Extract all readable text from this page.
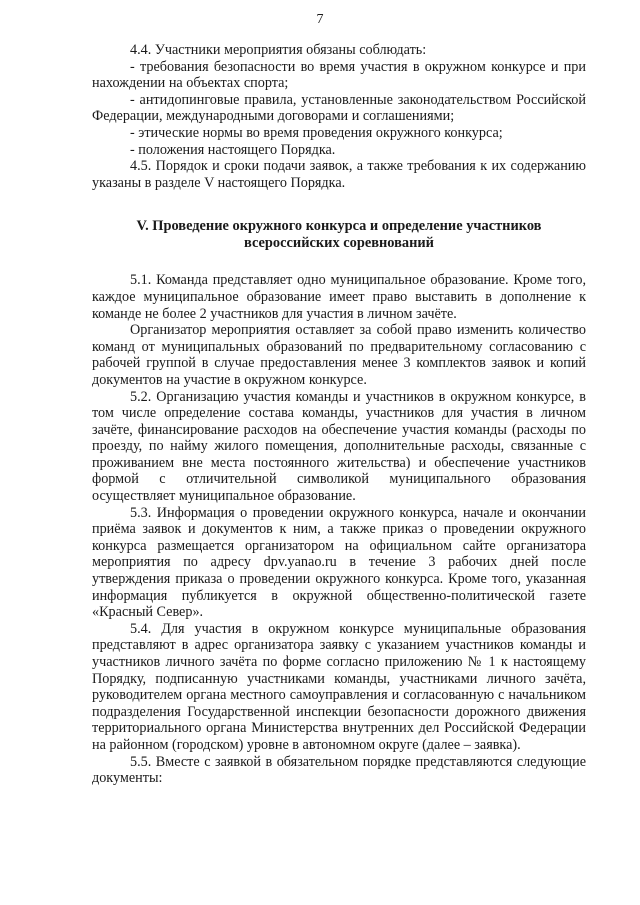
7

4.4. Участники мероприятия обязаны соблюдать:

- требования безопасности во время участия в окружном конкурсе и при нахождении на объектах спорта;

- антидопинговые правила, установленные законодательством Российской Федерации, международными договорами и соглашениями;

- этические нормы во время проведения окружного конкурса;

- положения настоящего Порядка.

4.5. Порядок и сроки подачи заявок, а также требования к их содержанию указаны в разделе V настоящего Порядка.

V. Проведение окружного конкурса и определение участников всероссийских соревнований

5.1. Команда представляет одно муниципальное образование. Кроме того, каждое муниципальное образование имеет право выставить в дополнение к команде не более 2 участников для участия в личном зачёте.

Организатор мероприятия оставляет за собой право изменить количество команд от муниципальных образований по предварительному согласованию с рабочей группой в случае предоставления менее 3 комплектов заявок и копий документов на участие в окружном конкурсе.

5.2. Организацию участия команды и участников в окружном конкурсе, в том числе определение состава команды, участников для участия в личном зачёте, финансирование расходов на обеспечение участия команды (расходы по проезду, по найму жилого помещения, дополнительные расходы, связанные с проживанием вне места постоянного жительства) и обеспечение участников формой с отличительной символикой муниципального образования осуществляет муниципальное образование.

5.3. Информация о проведении окружного конкурса, начале и окончании приёма заявок и документов к ним, а также приказ о проведении окружного конкурса размещается организатором на официальном сайте организатора мероприятия по адресу dpv.yanao.ru в течение 3 рабочих дней после утверждения приказа о проведении окружного конкурса. Кроме того, указанная информация публикуется в окружной общественно-политической газете «Красный Север».

5.4. Для участия в окружном конкурсе муниципальные образования представляют в адрес организатора заявку с указанием участников команды и участников личного зачёта по форме согласно приложению № 1 к настоящему Порядку, подписанную участниками команды, участниками личного зачёта, руководителем органа местного самоуправления и согласованную с начальником подразделения Государственной инспекции безопасности дорожного движения территориального органа Министерства внутренних дел Российской Федерации на районном (городском) уровне в автономном округе (далее – заявка).

5.5. Вместе с заявкой в обязательном порядке представляются следующие документы:
